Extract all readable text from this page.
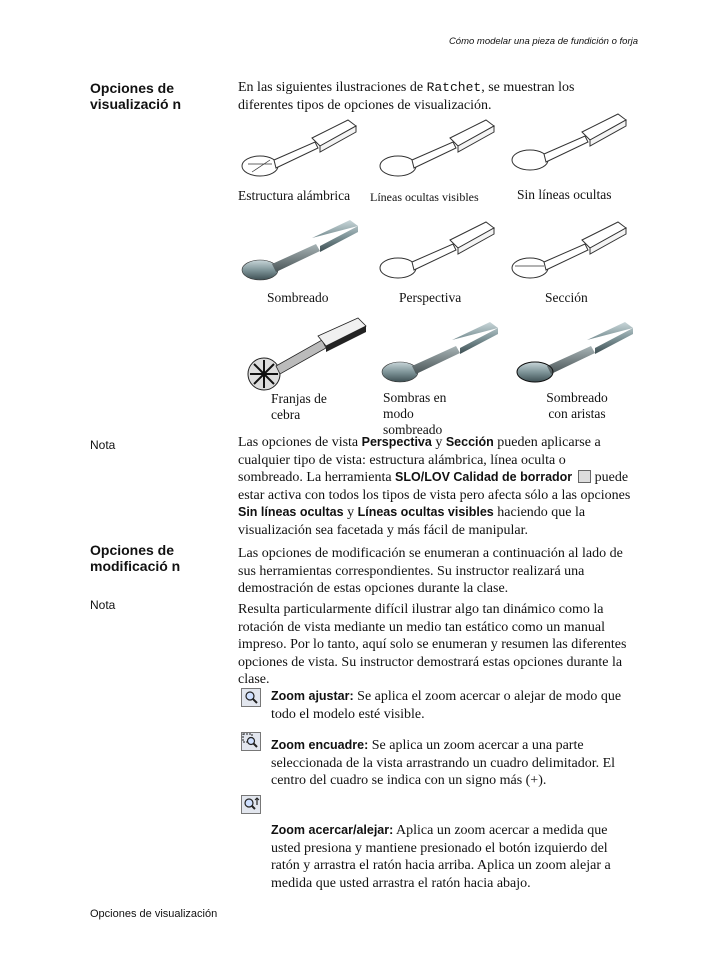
Cómo modelar una pieza de fundición o forja
Opciones de visualizació n
En las siguientes ilustraciones de Ratchet, se muestran los diferentes tipos de opciones de visualización.
Estructura alámbrica Líneas ocultas visibles	Sin líneas ocultas
Sombreado	Perspectiva	Sección
Franjas de cebra
Sombras en modo sombreado
Sombreado con aristas
Nota	Las opciones de vista Perspectiva y Sección pueden aplicarse a cualquier tipo de vista: estructura alámbrica, línea oculta o sombreado. La herramienta SLO/LOV Calidad de borrador puede estar activa con todos los tipos de vista pero afecta sólo a las opciones Sin líneas ocultas y Líneas ocultas visibles haciendo que la visualización sea facetada y más fácil de manipular.
Opciones de modificació n
Las opciones de modificación se enumeran a continuación al lado de sus herramientas correspondientes. Su instructor realizará una demostración de estas opciones durante la clase.
Nota	Resulta particularmente difícil ilustrar algo tan dinámico como la rotación de vista mediante un medio tan estático como un manual impreso. Por lo tanto, aquí solo se enumeran y resumen las diferentes opciones de vista. Su instructor demostrará estas opciones durante la clase.
Zoom ajustar: Se aplica el zoom acercar o alejar de modo que todo el modelo esté visible.
Zoom encuadre: Se aplica un zoom acercar a una parte seleccionada de la vista arrastrando un cuadro delimitador. El centro del cuadro se indica con un signo más (+).
Zoom acercar/alejar: Aplica un zoom acercar a medida que usted presiona y mantiene presionado el botón izquierdo del ratón y arrastra el ratón hacia arriba. Aplica un zoom alejar a medida que usted arrastra el ratón hacia abajo.
Opciones de visualización
